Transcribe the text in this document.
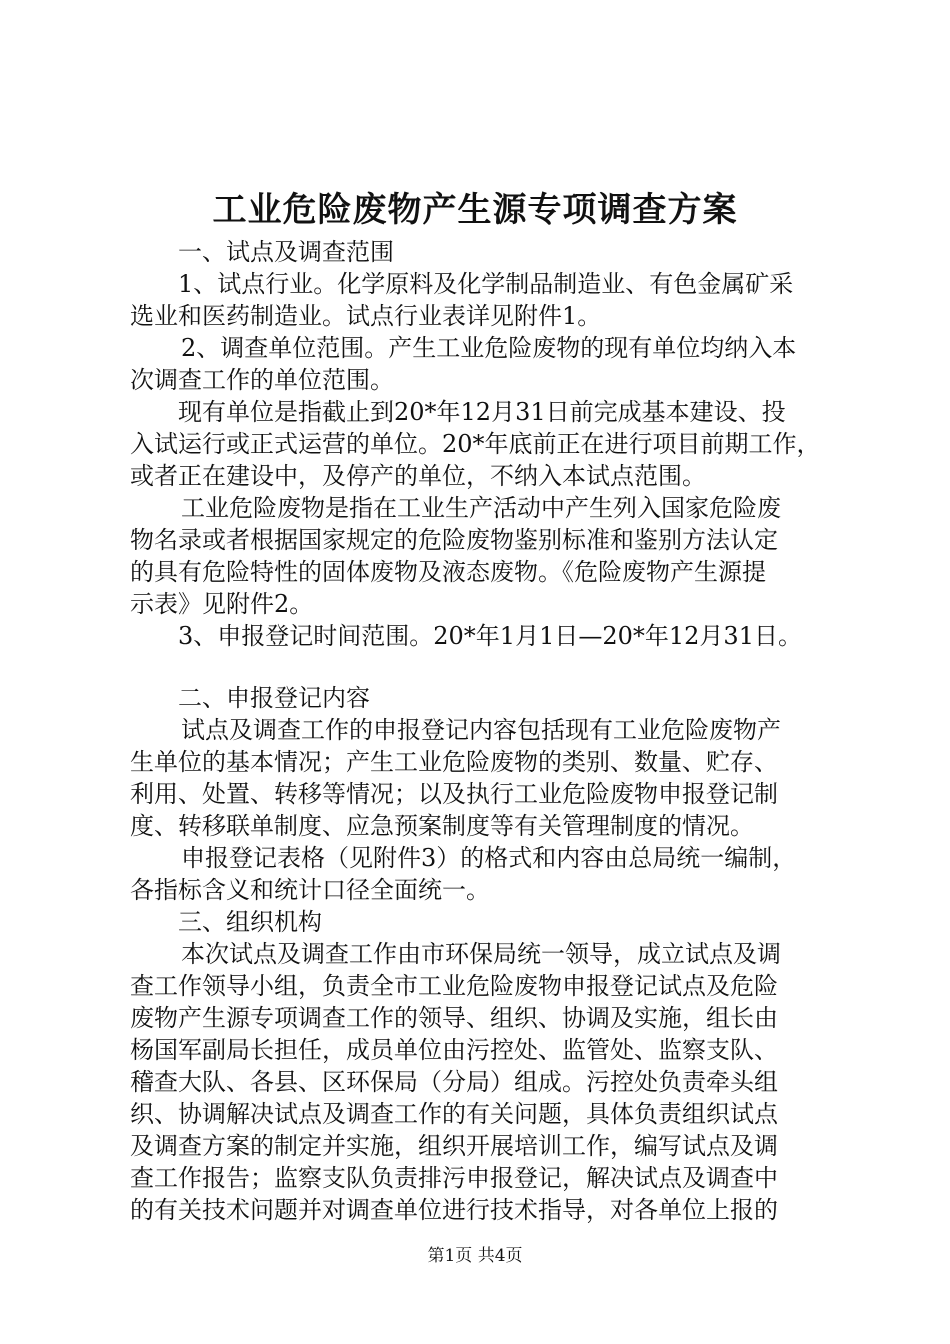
工业危险废物产生源专项调查方案

一、试点及调查范围

1、试点行业。化学原料及化学制品制造业、有色金属矿采

选业和医药制造业。试点行业表详见附件1。

2、调查单位范围。产生工业危险废物的现有单位均纳入本

次调查工作的单位范围。

现有单位是指截止到20*年12月31日前完成基本建设、投

入试运行或正式运营的单位。20*年底前正在进行项目前期工作，

或者正在建设中，及停产的单位，不纳入本试点范围。

工业危险废物是指在工业生产活动中产生列入国家危险废

物名录或者根据国家规定的危险废物鉴别标准和鉴别方法认定

的具有危险特性的固体废物及液态废物。《危险废物产生源提

示表》见附件2。

3、申报登记时间范围。20*年1月1日—20*年12月31日。

二、申报登记内容

试点及调查工作的申报登记内容包括现有工业危险废物产

生单位的基本情况；产生工业危险废物的类别、数量、贮存、

利用、处置、转移等情况；以及执行工业危险废物申报登记制

度、转移联单制度、应急预案制度等有关管理制度的情况。

申报登记表格（见附件3）的格式和内容由总局统一编制，

各指标含义和统计口径全面统一。

三、组织机构

本次试点及调查工作由市环保局统一领导，成立试点及调

查工作领导小组，负责全市工业危险废物申报登记试点及危险

废物产生源专项调查工作的领导、组织、协调及实施，组长由

杨国军副局长担任，成员单位由污控处、监管处、监察支队、

稽查大队、各县、区环保局（分局）组成。污控处负责牵头组

织、协调解决试点及调查工作的有关问题，具体负责组织试点

及调查方案的制定并实施，组织开展培训工作，编写试点及调

查工作报告；监察支队负责排污申报登记，解决试点及调查中

的有关技术问题并对调查单位进行技术指导，对各单位上报的

第1页 共4页
